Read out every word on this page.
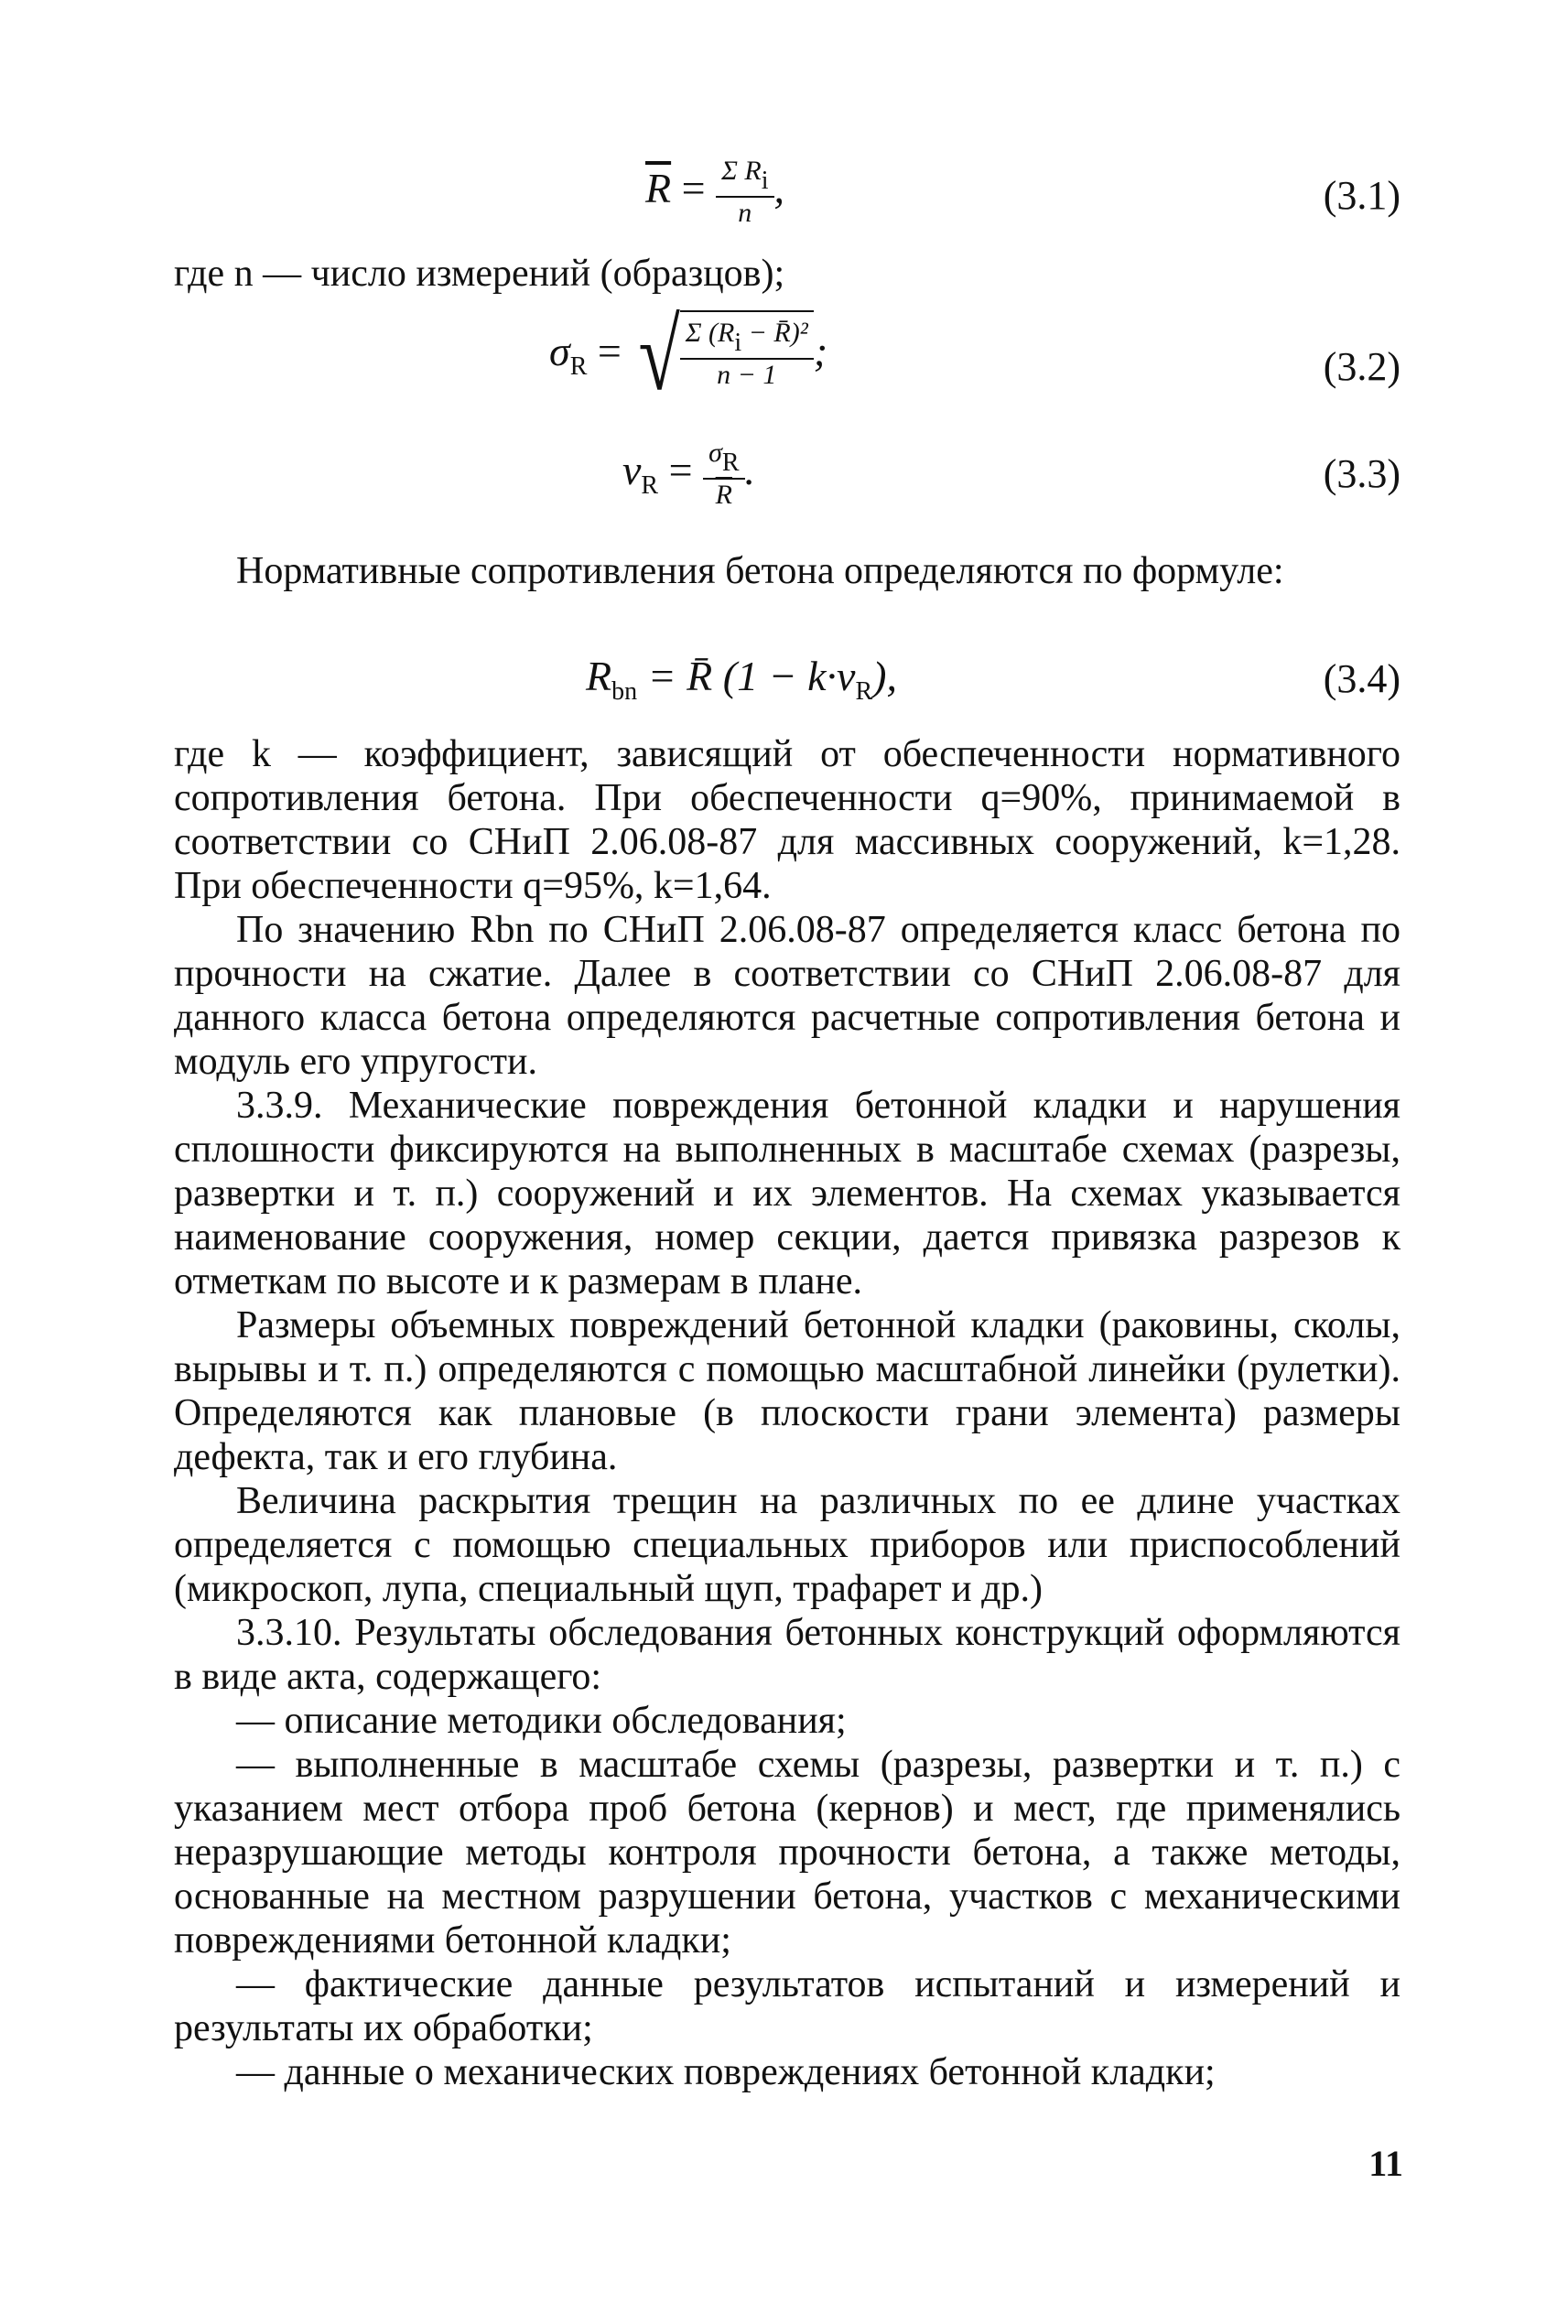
$\overline{R} = \frac{\text{Σ Ri}}{n}$ ,	(3.1)

где n — число измерений (образцов);

$\sigma_R$ = √ $\frac{\text{Σ (Ri − R̄)²}}{n - 1}$ ;	(3.2)
$v_R = \frac{\sigma R}{R}$ .	(3.3)

Нормативные сопротивления бетона определяются по формуле:

$R_{bn}$ = R̄ $(1 - k\cdot v_R)$,	(3.4)

где k — коэффициент, зависящий от обеспеченности нормативного сопротивления бетона. При обеспеченности q=90%, принимаемой в соответствии со СНиП 2.06.08-87 для массивных сооружений, k=1,28. При обеспеченности q=95%, k=1,64.

По значению Rbn по СНиП 2.06.08-87 определяется класс бетона по прочности на сжатие. Далее в соответствии со СНиП 2.06.08-87 для данного класса бетона определяются расчетные сопротивления бетона и модуль его упругости.

3.3.9. Механические повреждения бетонной кладки и нарушения сплошности фиксируются на выполненных в масштабе схемах (разрезы, развертки и т. п.) сооружений и их элементов. На схемах указывается наименование сооружения, номер секции, дается привязка разрезов к отметкам по высоте и к размерам в плане.

Размеры объемных повреждений бетонной кладки (раковины, сколы, вырывы и т. п.) определяются с помощью масштабной линейки (рулетки). Определяются как плановые (в плоскости грани элемента) размеры дефекта, так и его глубина.

Величина раскрытия трещин на различных по ее длине участках определяется с помощью специальных приборов или приспособлений (микроскоп, лупа, специальный щуп, трафарет и др.)

3.3.10. Результаты обследования бетонных конструкций оформляются в виде акта, содержащего:

— описание методики обследования;

— выполненные в масштабе схемы (разрезы, развертки и т. п.) с указанием мест отбора проб бетона (кернов) и мест, где применялись неразрушающие методы контроля прочности бетона, а также методы, основанные на местном разрушении бетона, участков с механическими повреждениями бетонной кладки;

— фактические данные результатов испытаний и измерений и результаты их обработки;

— данные о механических повреждениях бетонной кладки;

11
